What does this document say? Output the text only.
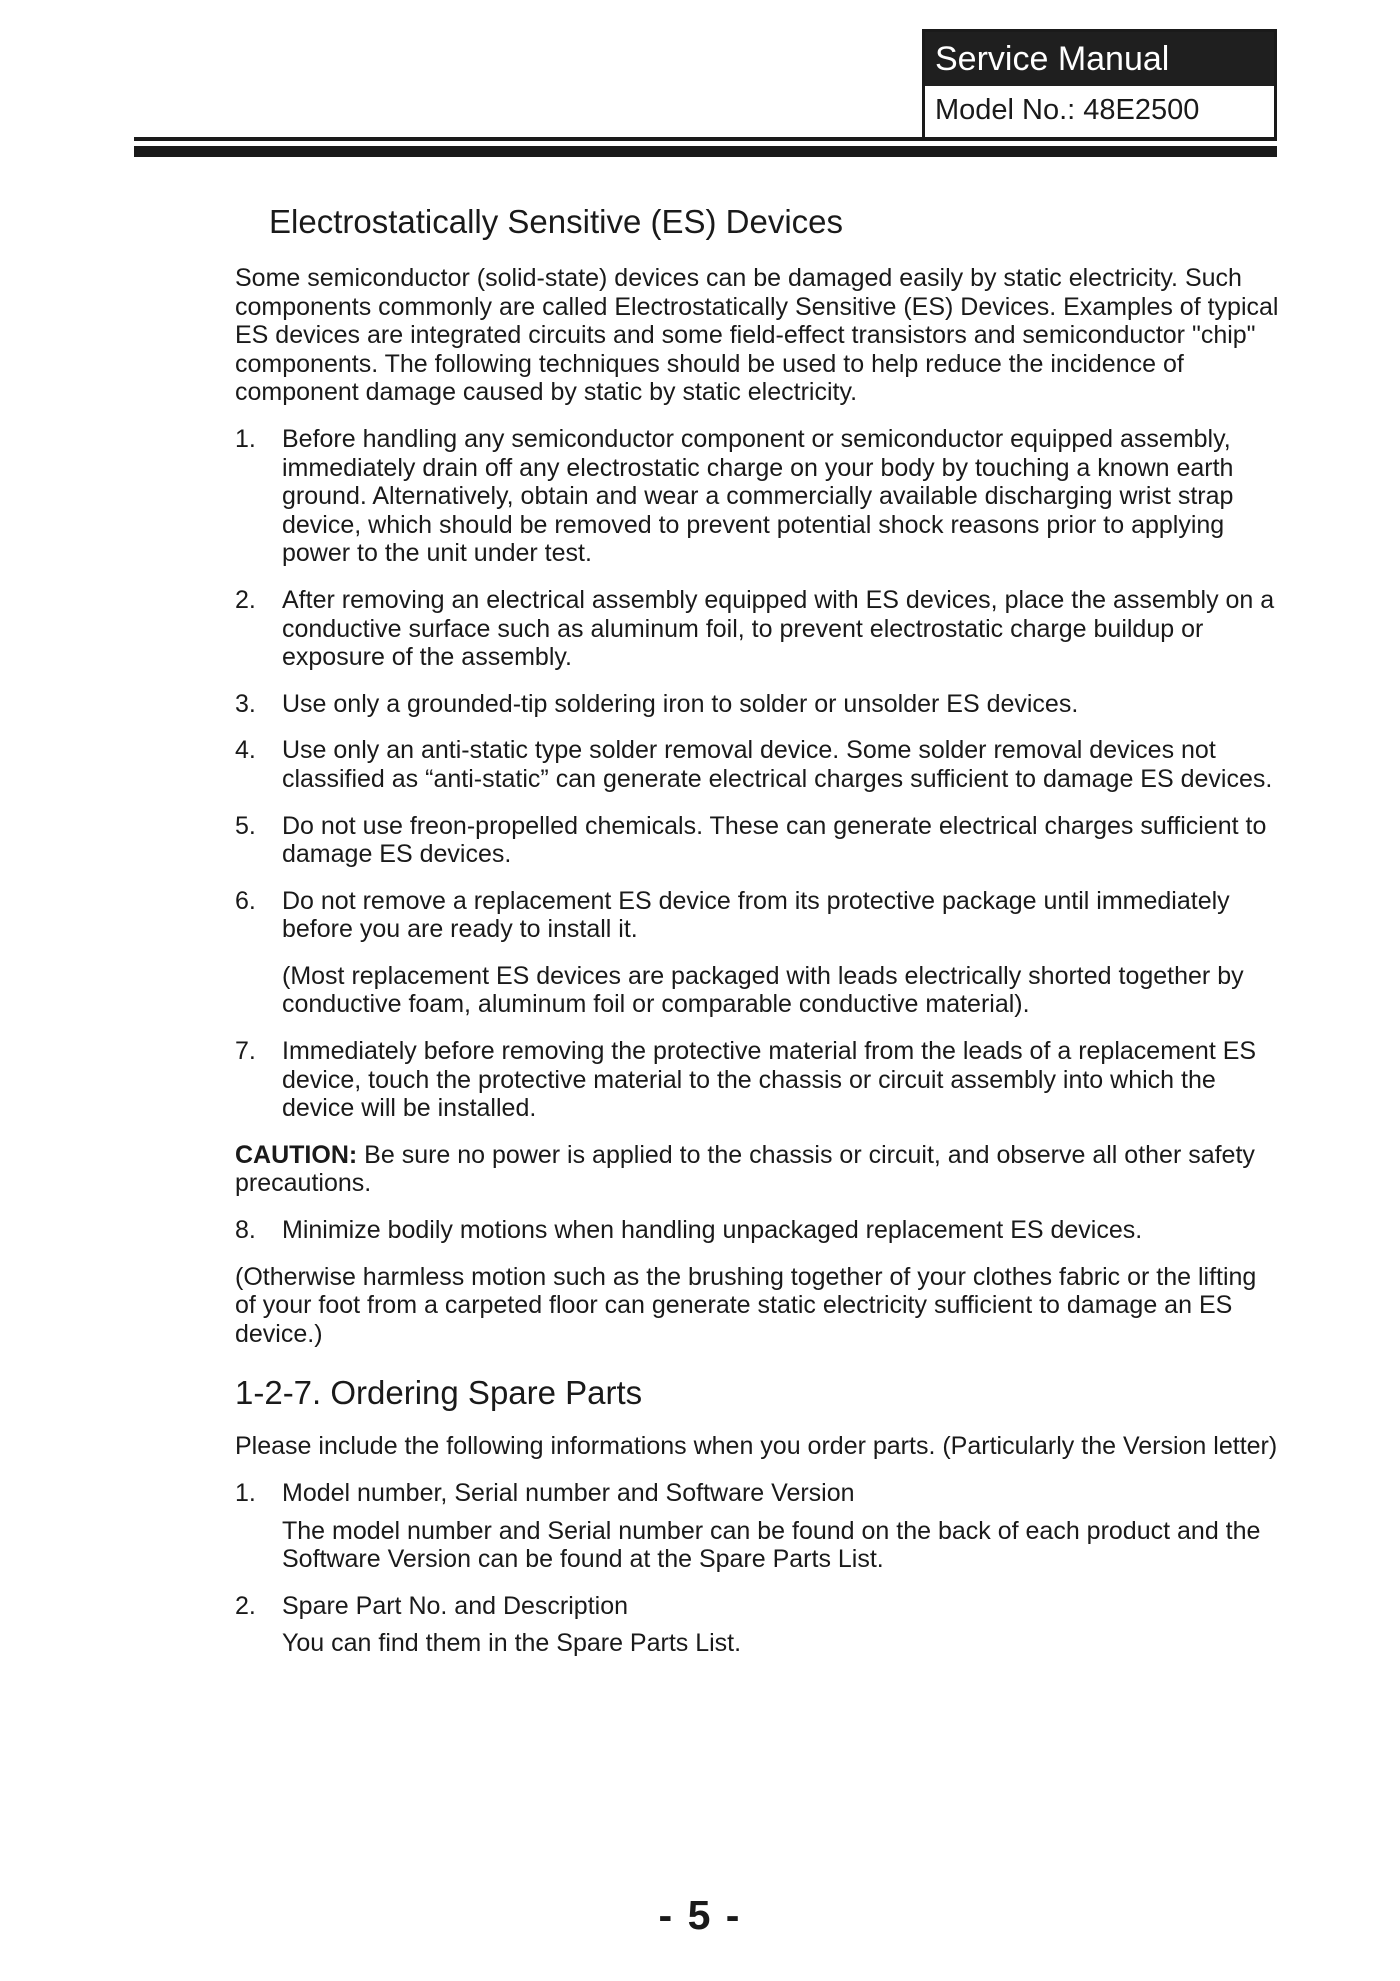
Service Manual
Model No.: 48E2500
Electrostatically Sensitive (ES) Devices

Some semiconductor (solid-state) devices can be damaged easily by static electricity. Such components commonly are called Electrostatically Sensitive (ES) Devices. Examples of typical ES devices are integrated circuits and some field-effect transistors and semiconductor "chip" components. The following techniques should be used to help reduce the incidence of component damage caused by static by static electricity.

1.	Before handling any semiconductor component or semiconductor equipped assembly, immediately drain off any electrostatic charge on your body by touching a known earth ground. Alternatively, obtain and wear a commercially available discharging wrist strap device, which should be removed to prevent potential shock reasons prior to applying power to the unit under test.
2.	After removing an electrical assembly equipped with ES devices, place the assembly on a conductive surface such as aluminum foil, to prevent electrostatic charge buildup or exposure of the assembly.
3.	Use only a grounded-tip soldering iron to solder or unsolder ES devices.
4.	Use only an anti-static type solder removal device. Some solder removal devices not classified as “anti-static” can generate electrical charges sufficient to damage ES devices.
5.	Do not use freon-propelled chemicals. These can generate electrical charges sufficient to damage ES devices.
6.	Do not remove a replacement ES device from its protective package until immediately before you are ready to install it.
(Most replacement ES devices are packaged with leads electrically shorted together by conductive foam, aluminum foil or comparable conductive material).
7.	Immediately before removing the protective material from the leads of a replacement ES device, touch the protective material to the chassis or circuit assembly into which the device will be installed.

CAUTION: Be sure no power is applied to the chassis or circuit, and observe all other safety precautions.

8.	Minimize bodily motions when handling unpackaged replacement ES devices.

(Otherwise harmless motion such as the brushing together of your clothes fabric or the lifting of your foot from a carpeted floor can generate static electricity sufficient to damage an ES device.)

1-2-7. Ordering Spare Parts

Please include the following informations when you order parts. (Particularly the Version letter)

1.	Model number, Serial number and Software Version
The model number and Serial number can be found on the back of each product and the Software Version can be found at the Spare Parts List.
2.	Spare Part No. and Description
You can find them in the Spare Parts List.
- 5 -
